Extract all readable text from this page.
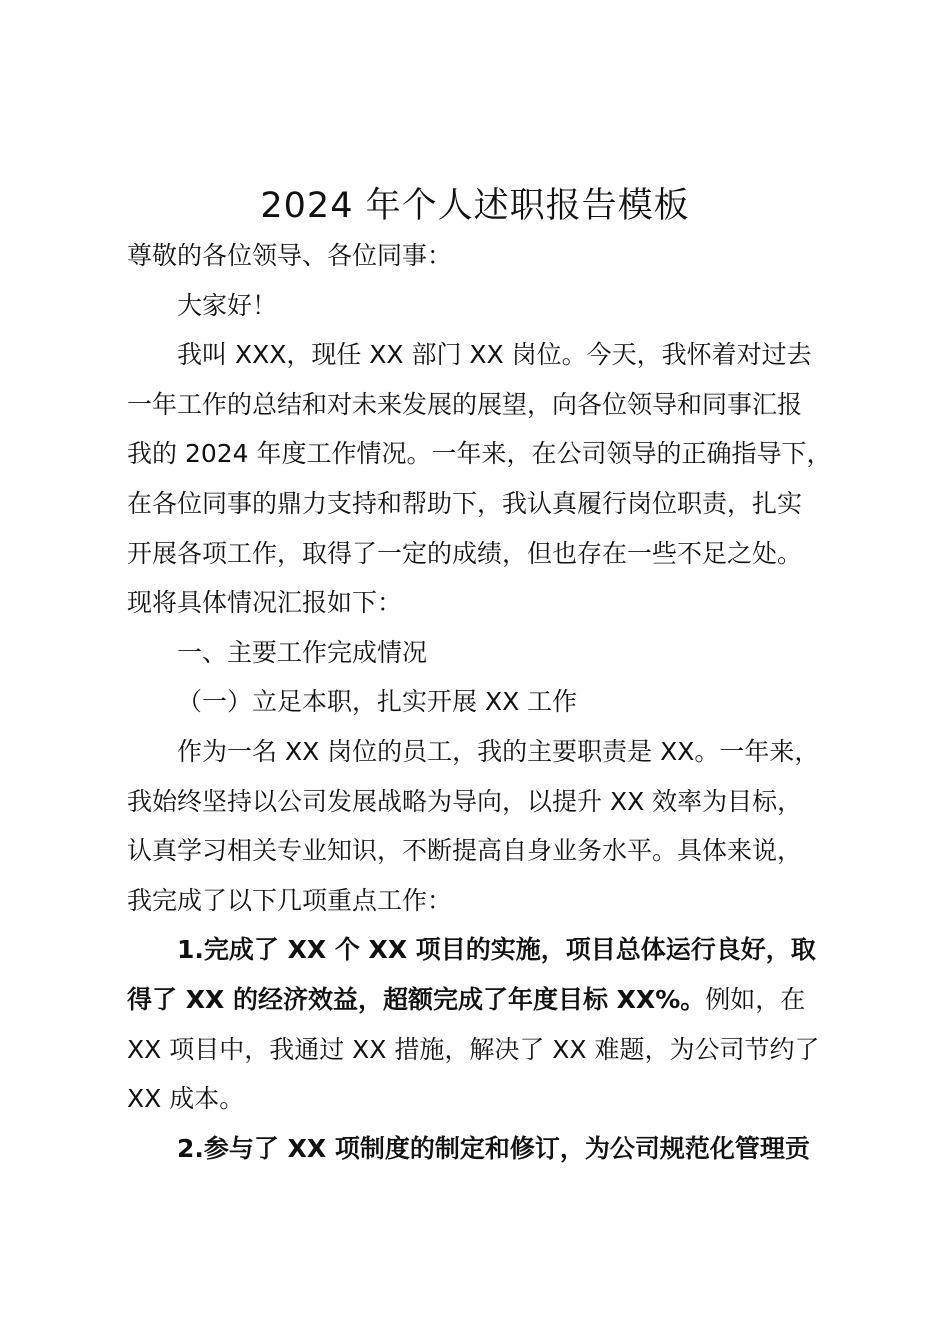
2024 年个人述职报告模板

尊敬的各位领导、各位同事：

大家好！

我叫 XXX，现任 XX 部门 XX 岗位。今天，我怀着对过去
一年工作的总结和对未来发展的展望，向各位领导和同事汇报
我的 2024 年度工作情况。一年来，在公司领导的正确指导下，
在各位同事的鼎力支持和帮助下，我认真履行岗位职责，扎实
开展各项工作，取得了一定的成绩，但也存在一些不足之处。
现将具体情况汇报如下：

一、主要工作完成情况

（一）立足本职，扎实开展 XX 工作

作为一名 XX 岗位的员工，我的主要职责是 XX。一年来，
我始终坚持以公司发展战略为导向，以提升 XX 效率为目标，
认真学习相关专业知识，不断提高自身业务水平。具体来说，
我完成了以下几项重点工作：

1.完成了 XX 个 XX 项目的实施，项目总体运行良好，取
得了 XX 的经济效益，超额完成了年度目标 XX%。例如，在
XX 项目中，我通过 XX 措施，解决了 XX 难题，为公司节约了
XX 成本。

2.参与了 XX 项制度的制定和修订，为公司规范化管理贡
